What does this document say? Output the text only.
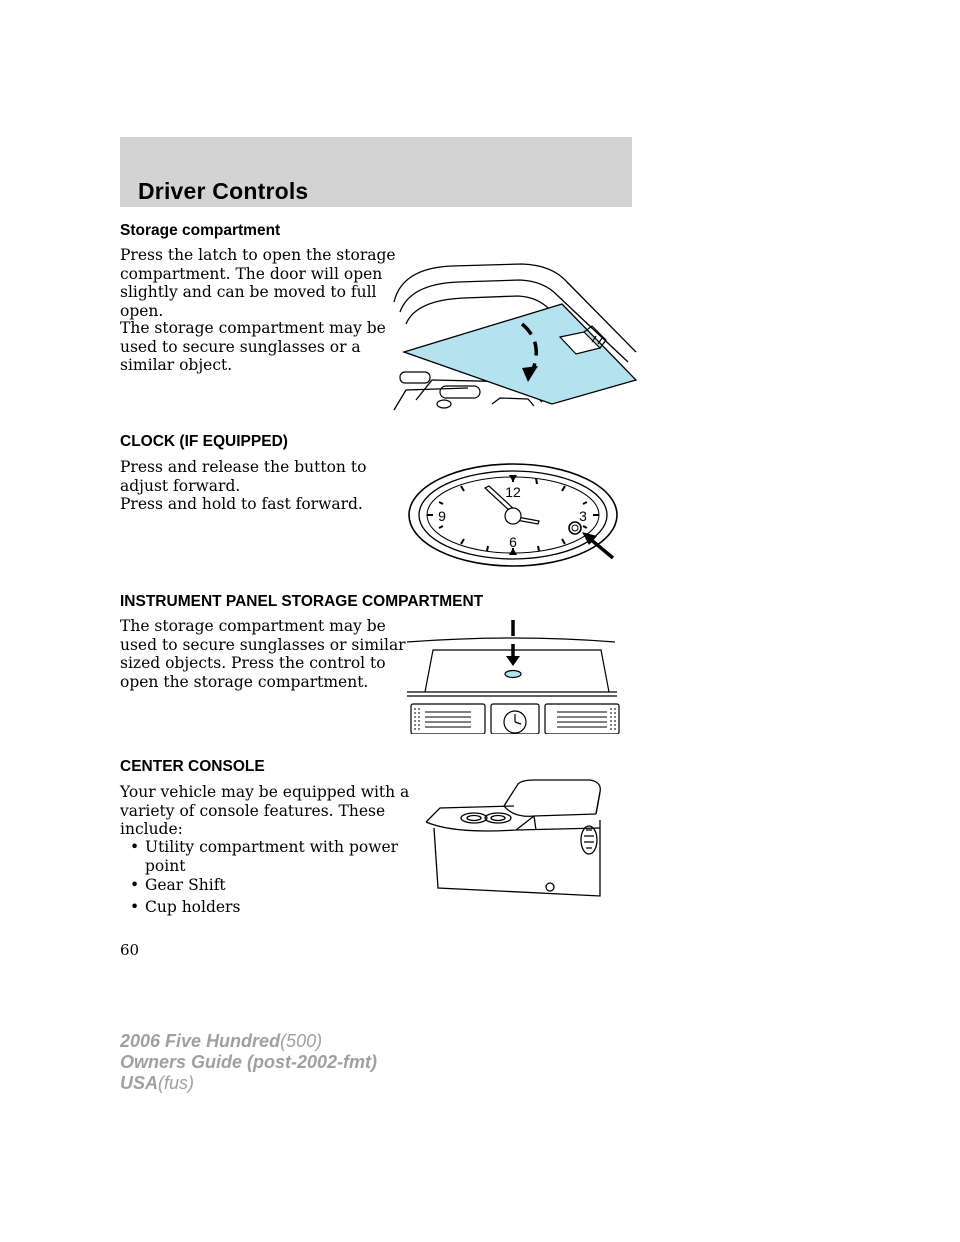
Driver Controls
Storage compartment
Press the latch to open the storage
compartment. The door will open
slightly and can be moved to full
open.
The storage compartment may be
used to secure sunglasses or a
similar object.
CLOCK (IF EQUIPPED)
Press and release the button to
adjust forward.
Press and hold to fast forward.
12
6
9	3
INSTRUMENT PANEL STORAGE COMPARTMENT
The storage compartment may be
used to secure sunglasses or similar
sized objects. Press the control to
open the storage compartment.
CENTER CONSOLE
Your vehicle may be equipped with a
variety of console features. These
include:
• Utility compartment with power
point
• Gear Shift
• Cup holders
60
2006 Five Hundred(500)
Owners Guide (post-2002-fmt)
USA(fus)
